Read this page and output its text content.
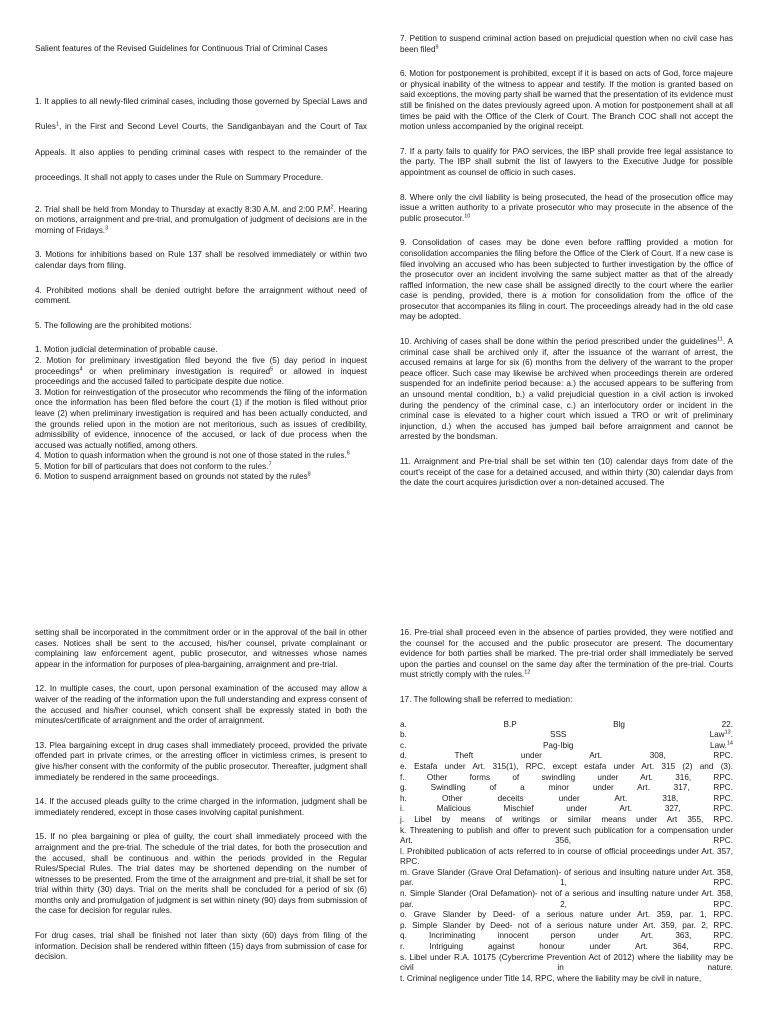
Salient features of the Revised Guidelines for Continuous Trial of Criminal Cases

1. It applies to all newly-filed criminal cases, including those governed by Special Laws and Rules$^1$, in the First and Second Level Courts, the Sandiganbayan and the Court of Tax Appeals. It also applies to pending criminal cases with respect to the remainder of the proceedings. It shall not apply to cases under the Rule on Summary Procedure.

2. Trial shall be held from Monday to Thursday at exactly 8:30 A.M. and 2:00 $P.M^2$. Hearing on motions, arraignment and pre-trial, and promulgation of judgment of decisions are in the morning of Fridays.$^3$

3. Motions for inhibitions based on Rule 137 shall be resolved immediately or within two calendar days from filing.

4. Prohibited motions shall be denied outright before the arraignment without need of comment.

5. The following are the prohibited motions:

1. Motion judicial determination of probable cause.
2. Motion for preliminary investigation filed beyond the five (5) day period in inquest proceedings$^4$ or when preliminary investigation is required$^5$ or allowed in inquest proceedings and the accused failed to participate despite due notice.
3. Motion for reinvestigation of the prosecutor who recommends the filing of the information once the information has been filed before the court (1) if the motion is filed without prior leave (2) when preliminary investigation is required and has been actually conducted, and the grounds relied upon in the motion are not meritorious, such as issues of credibility, admissibility of evidence, innocence of the accused, or lack of due process when the accused was actually notified, among others.
4. Motion to quash information when the ground is not one of those stated in the rules.$^6$
5. Motion for bill of particulars that does not conform to the rules.$^7$
6. Motion to suspend arraignment based on grounds not stated by the rules$^8$

7. Petition to suspend criminal action based on prejudicial question when no civil case has been filed$^9$

6. Motion for postponement is prohibited, except if it is based on acts of God, force majeure or physical inability of the witness to appear and testify. If the motion is granted based on said exceptions, the moving party shall be warned that the presentation of its evidence must still be finished on the dates previously agreed upon. A motion for postponement shall at all times be paid with the Office of the Clerk of Court. The Branch COC shall not accept the motion unless accompanied by the original receipt.

7. If a party fails to qualify for PAO services, the IBP shall provide free legal assistance to the party. The IBP shall submit the list of lawyers to the Executive Judge for possible appointment as counsel de officio in such cases.

8. Where only the civil liability is being prosecuted, the head of the prosecution office may issue a written authority to a private prosecutor who may prosecute in the absence of the public prosecutor.$^{10}$

9. Consolidation of cases may be done even before raffling provided a motion for consolidation accompanies the filing before the Office of the Clerk of Court. If a new case is filed involving an accused who has been subjected to further investigation by the office of the prosecutor over an incident involving the same subject matter as that of the already raffled information, the new case shall be assigned directly to the court where the earlier case is pending, provided, there is a motion for consolidation from the office of the prosecutor that accompanies its filing in court. The proceedings already had in the old case may be adopted.

10. Archiving of cases shall be done within the period prescribed under the guidelines$^{11}$. A criminal case shall be archived only if, after the issuance of the warrant of arrest, the accused remains at large for six (6) months from the delivery of the warrant to the proper peace officer. Such case may likewise be archived when proceedings therein are ordered suspended for an indefinite period because: a.) the accused appears to be suffering from an unsound mental condition, b.) a valid prejudicial question in a civil action is invoked during the pendency of the criminal case, c.) an interlocutory order or incident in the criminal case is elevated to a higher court which issued a TRO or writ of preliminary injunction, d.) when the accused has jumped bail before arraignment and cannot be arrested by the bondsman.

11. Arraignment and Pre-trial shall be set within ten (10) calendar days from date of the court's receipt of the case for a detained accused, and within thirty (30) calendar days from the date the court acquires jurisdiction over a non-detained accused. The

setting shall be incorporated in the commitment order or in the approval of the bail in other cases. Notices shall be sent to the accused, his/her counsel, private complainant or complaining law enforcement agent, public prosecutor, and witnesses whose names appear in the information for purposes of plea-bargaining, arraignment and pre-trial.

12. In multiple cases, the court, upon personal examination of the accused may allow a waiver of the reading of the information upon the full understanding and express consent of the accused and his/her counsel, which consent shall be expressly stated in both the minutes/certificate of arraignment and the order of arraignment.

13. Plea bargaining except in drug cases shall immediately proceed, provided the private offended part in private crimes, or the arresting officer in victimless crimes, is present to give his/her consent with the conformity of the public prosecutor. Thereafter, judgment shall immediately be rendered in the same proceedings.

14. If the accused pleads guilty to the crime charged in the information, judgment shall be immediately rendered, except in those cases involving capital punishment.

15. If no plea bargaining or plea of guilty, the court shall immediately proceed with the arraignment and the pre-trial. The schedule of the trial dates, for both the prosecution and the accused, shall be continuous and within the periods provided in the Regular Rules/Special Rules. The trial dates may be shortened depending on the number of witnesses to be presented. From the time of the arraignment and pre-trial, it shall be set for trial within thirty (30) days. Trial on the merits shall be concluded for a period of six (6) months only and promulgation of judgment is set within ninety (90) days from submission of the case for decision for regular rules.

For drug cases, trial shall be finished not later than sixty (60) days from filing of the information. Decision shall be rendered within fifteen (15) days from submission of case for decision.

16. Pre-trial shall proceed even in the absence of parties provided, they were notified and the counsel for the accused and the public prosecutor are present. The documentary evidence for both parties shall be marked. The pre-trial order shall immediately be served upon the parties and counsel on the same day after the termination of the pre-trial. Courts must strictly comply with the rules.$^{12}$

17. The following shall be referred to mediation:

a. B.P Blg 22.
b. SSS Law$^{13}$.
c. Pag-Ibig Law.$^{14}$
d. Theft under Art. 308, RPC.
e. Estafa under Art. 315(1), RPC, except estafa under Art. 315 (2) and (3).
f. Other forms of swindling under Art. 316, RPC.
g. Swindling of a minor under Art. 317, RPC.
h. Other deceits under Art. 318, RPC.
i. Malicious Mischief under Art. 327, RPC.
j. Libel by means of writings or similar means under Art 355, RPC.
k. Threatening to publish and offer to prevent such publication for a compensation under Art. 356, RPC.
l. Prohibited publication of acts referred to in course of official proceedings under Art. 357, RPC.
m. Grave Slander (Grave Oral Defamation)- of serious and insulting nature under Art. 358, par. 1, RPC.
n. Simple Slander (Oral Defamation)- not of a serious and insulting nature under Art. 358, par. 2, RPC.
o. Grave Slander by Deed- of a serious nature under Art. 359, par. 1, RPC.
p. Simple Slander by Deed- not of a serious nature under Art. 359, par. 2, RPC.
q. Incriminating innocent person under Art. 363, RPC.
r. Intriguing against honour under Art. 364, RPC.
s. Libel under R.A. 10175 (Cybercrime Prevention Act of 2012) where the liability may be civil in nature.
t. Criminal negligence under Title 14, RPC, where the liability may be civil in nature,
